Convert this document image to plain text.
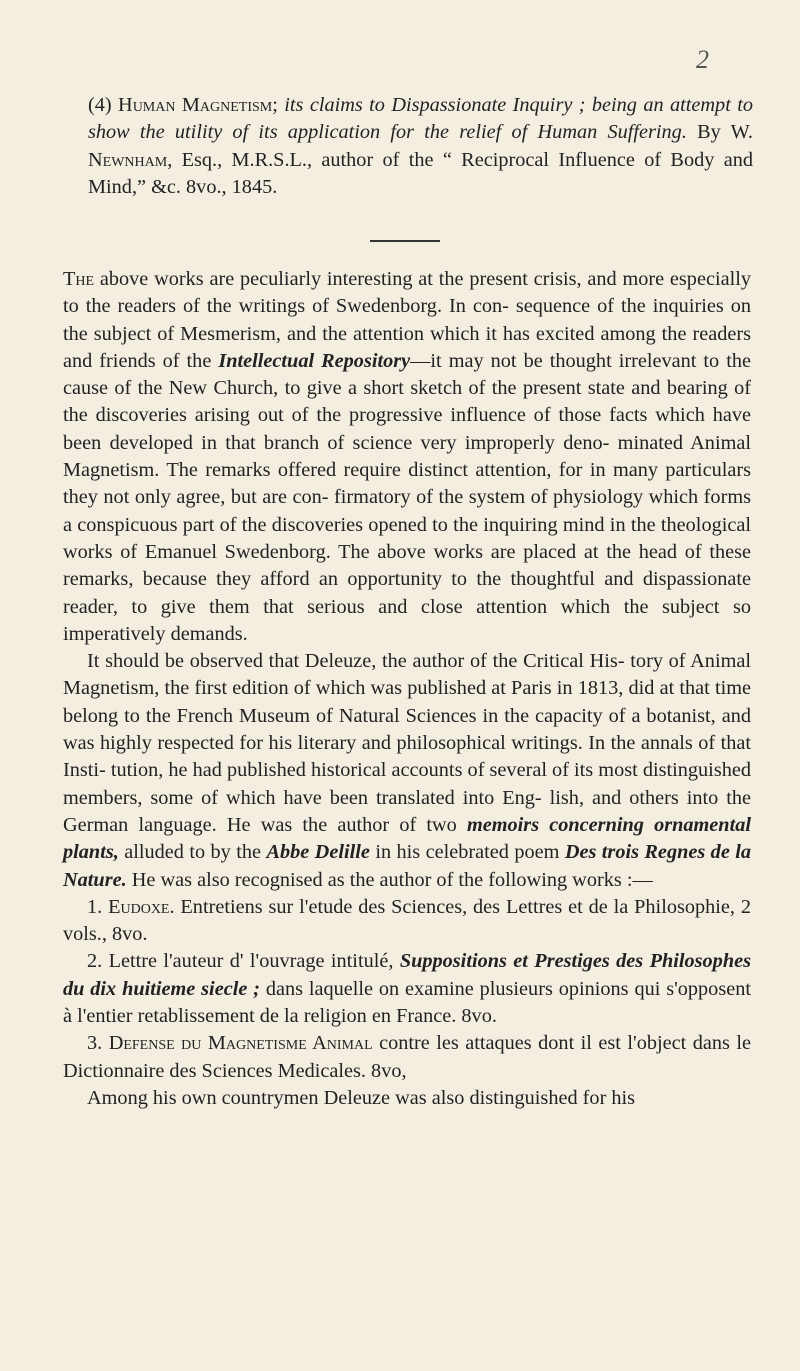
2

(4) Human Magnetism; its claims to Dispassionate Inquiry ; being an attempt to show the utility of its application for the relief of Human Suffering. By W. Newnham, Esq., M.R.S.L., author of the “ Reciprocal Influence of Body and Mind,” &c. 8vo., 1845.

The above works are peculiarly interesting at the present crisis, and more especially to the readers of the writings of Swedenborg. In con- sequence of the inquiries on the subject of Mesmerism, and the attention which it has excited among the readers and friends of the Intellectual Repository—it may not be thought irrelevant to the cause of the New Church, to give a short sketch of the present state and bearing of the discoveries arising out of the progressive influence of those facts which have been developed in that branch of science very improperly deno- minated Animal Magnetism. The remarks offered require distinct attention, for in many particulars they not only agree, but are con- firmatory of the system of physiology which forms a conspicuous part of the discoveries opened to the inquiring mind in the theological works of Emanuel Swedenborg. The above works are placed at the head of these remarks, because they afford an opportunity to the thoughtful and dispassionate reader, to give them that serious and close attention which the subject so imperatively demands.

It should be observed that Deleuze, the author of the Critical His- tory of Animal Magnetism, the first edition of which was published at Paris in 1813, did at that time belong to the French Museum of Natural Sciences in the capacity of a botanist, and was highly respected for his literary and philosophical writings. In the annals of that Insti- tution, he had published historical accounts of several of its most distinguished members, some of which have been translated into Eng- lish, and others into the German language. He was the author of two memoirs concerning ornamental plants, alluded to by the Abbe Delille in his celebrated poem Des trois Regnes de la Nature. He was also recognised as the author of the following works :—

1. Eudoxe. Entretiens sur l'etude des Sciences, des Lettres et de la Philosophie, 2 vols., 8vo.

2. Lettre l'auteur d' l'ouvrage intitulé, Suppositions et Prestiges des Philosophes du dix huitieme siecle ; dans laquelle on examine plusieurs opinions qui s'opposent à l'entier retablissement de la religion en France. 8vo.

3. Defense du Magnetisme Animal contre les attaques dont il est l'object dans le Dictionnaire des Sciences Medicales. 8vo,

Among his own countrymen Deleuze was also distinguished for his
